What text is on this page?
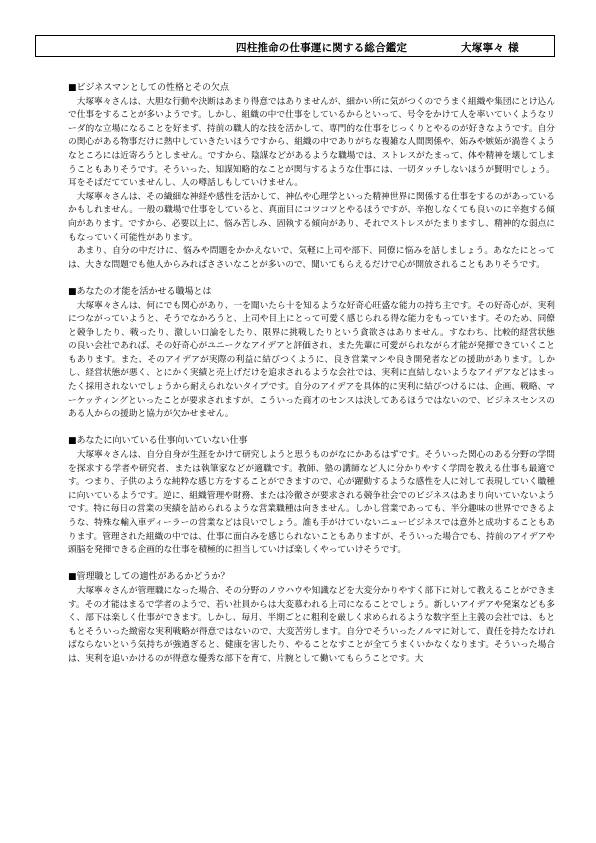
四柱推命の仕事運に関する総合鑑定	大塚寧々 様
■ビジネスマンとしての性格とその欠点

大塚寧々さんは、大胆な行動や決断はあまり得意ではありませんが、細かい所に気がつくのでうまく組織や集団にとけ込んで仕事をすることが多いようです。しかし、組織の中で仕事をしているからといって、号令をかけて人を率いていくようなリーダ的な立場になることを好まず、持前の職人的な技を活かして、専門的な仕事をじっくりとやるのが好きなようです。自分の関心がある物事だけに熱中していきたいほうですから、組織の中でありがちな複雑な人間関係や、妬みや嫉妬が渦巻くようなところには近寄ろうとしません。ですから、陰謀などがあるような職場では、ストレスがたまって、体や精神を壊してしまうこともありそうです。そういった、知謀知略的なことが関与するような仕事には、一切タッチしないほうが賢明でしょう。耳をそばだてていませんし、人の噂話しもしていけません。

大塚寧々さんは、その繊細な神経や感性を活かして、神仏や心理学といった精神世界に関係する仕事をするのがあっているかもしれません。一般の職場で仕事をしていると、真面目にコツコツとやるほうですが、辛抱しなくても良いのに辛抱する傾向があります。ですから、必要以上に、悩み苦しみ、固執する傾向があり、それでストレスがたまりますし、精神的な弱点にもなっていく可能性があります。

あまり、自分の中だけに、悩みや問題をかかえないで、気軽に上司や部下、同僚に悩みを話しましょう。あなたにとっては、大きな問題でも他人からみればささいなことが多いので、聞いてもらえるだけで心が開放されることもありそうです。

■あなたの才能を活かせる職場とは

大塚寧々さんは、何にでも関心があり、一を聞いたら十を知るような好奇心旺盛な能力の持ち主です。その好奇心が、実利につながっていようと、そうでなかろうと、上司や目上にとって可愛く感じられる得な能力をもっています。そのため、同僚と競争したり、戦ったり、激しい口論をしたり、限界に挑戦したりという貪欲さはありません。すなわち、比較的経営状態の良い会社であれば、その好奇心がユニークなアイデアと評価され、また先輩に可愛がられながら才能が発揮できていくこともあります。また、そのアイデアが実際の利益に結びつくように、良き営業マンや良き開発者などの援助があります。しかし、経営状態が悪く、とにかく実績と売上げだけを追求されるような会社では、実利に直結しないようなアイデアなどはまったく採用されないでしょうから耐えられないタイプです。自分のアイデアを具体的に実利に結びつけるには、企画、戦略、マーケッティングといったことが要求されますが、こういった商才のセンスは決してあるほうではないので、ビジネスセンスのある人からの援助と協力が欠かせません。

■あなたに向いている仕事向いていない仕事

大塚寧々さんは、自分自身が生涯をかけて研究しようと思うものがなにかあるはずです。そういった関心のある分野の学問を探求する学者や研究者、または執筆家などが適職です。教師、塾の講師など人に分かりやすく学問を教える仕事も最適です。つまり、子供のような純粋な感じ方をすることができますので、心が躍動するような感性を人に対して表現していく職種に向いているようです。逆に、組織管理や財務、または冷徹さが要求される競争社会でのビジネスはあまり向いていないようです。特に毎日の営業の実績を詰められるような営業職種は向きません。しかし営業であっても、半分趣味の世界でできるような、特殊な輸入車ディーラーの営業などは良いでしょう。誰も手がけていないニュービジネスでは意外と成功することもあります。管理された組織の中では、仕事に面白みを感じられないこともありますが、そういった場合でも、持前のアイデアや頭脳を発揮できる企画的な仕事を積極的に担当していけば楽しくやっていけそうです。

■管理職としての適性があるかどうか？

大塚寧々さんが管理職になった場合、その分野のノウハウや知識などを大変分かりやすく部下に対して教えることができます。その才能はまるで学者のようで、若い社員からは大変慕われる上司になることでしょう。新しいアイデアや発案なども多く、部下は楽しく仕事ができます。しかし、毎月、半期ごとに粗利を厳しく求められるような数字至上主義の会社では、もともとそういった緻密な実利戦略が得意ではないので、大変苦労します。自分でそういったノルマに対して、責任を持たなければならないという気持ちが強過ぎると、健康を害したり、やることなすことが全てうまくいかなくなります。そういった場合は、実利を追いかけるのが得意な優秀な部下を育て、片腕として働いてもらうことです。大
